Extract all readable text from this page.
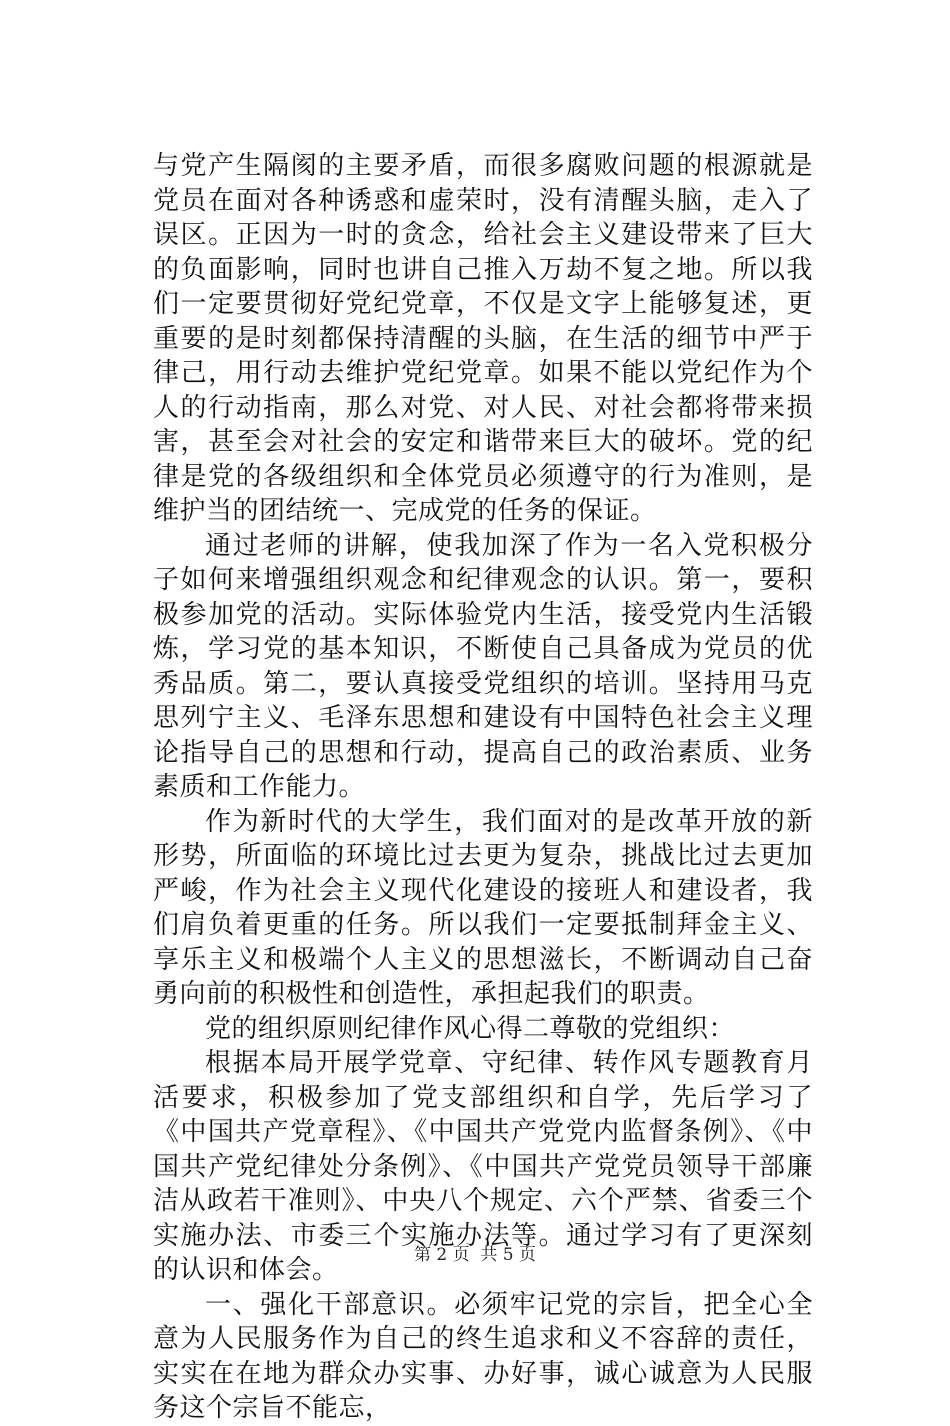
与党产生隔阂的主要矛盾，而很多腐败问题的根源就是党员在面对各种诱惑和虚荣时，没有清醒头脑，走入了误区。正因为一时的贪念，给社会主义建设带来了巨大的负面影响，同时也讲自己推入万劫不复之地。所以我们一定要贯彻好党纪党章，不仅是文字上能够复述，更重要的是时刻都保持清醒的头脑，在生活的细节中严于律己，用行动去维护党纪党章。如果不能以党纪作为个人的行动指南，那么对党、对人民、对社会都将带来损害，甚至会对社会的安定和谐带来巨大的破坏。党的纪律是党的各级组织和全体党员必须遵守的行为准则，是维护当的团结统一、完成党的任务的保证。

通过老师的讲解，使我加深了作为一名入党积极分子如何来增强组织观念和纪律观念的认识。第一，要积极参加党的活动。实际体验党内生活，接受党内生活锻炼，学习党的基本知识，不断使自己具备成为党员的优秀品质。第二，要认真接受党组织的培训。坚持用马克思列宁主义、毛泽东思想和建设有中国特色社会主义理论指导自己的思想和行动，提高自己的政治素质、业务素质和工作能力。

作为新时代的大学生，我们面对的是改革开放的新形势，所面临的环境比过去更为复杂，挑战比过去更加严峻，作为社会主义现代化建设的接班人和建设者，我们肩负着更重的任务。所以我们一定要抵制拜金主义、享乐主义和极端个人主义的思想滋长，不断调动自己奋勇向前的积极性和创造性，承担起我们的职责。

党的组织原则纪律作风心得二尊敬的党组织：

根据本局开展学党章、守纪律、转作风专题教育月活要求，积极参加了党支部组织和自学，先后学习了《中国共产党章程》、《中国共产党党内监督条例》、《中国共产党纪律处分条例》、《中国共产党党员领导干部廉洁从政若干准则》、中央八个规定、六个严禁、省委三个实施办法、市委三个实施办法等。通过学习有了更深刻的认识和体会。

一、强化干部意识。必须牢记党的宗旨，把全心全意为人民服务作为自己的终生追求和义不容辞的责任，实实在在地为群众办实事、办好事，诚心诚意为人民服务这个宗旨不能忘，

第 2 页  共 5 页
